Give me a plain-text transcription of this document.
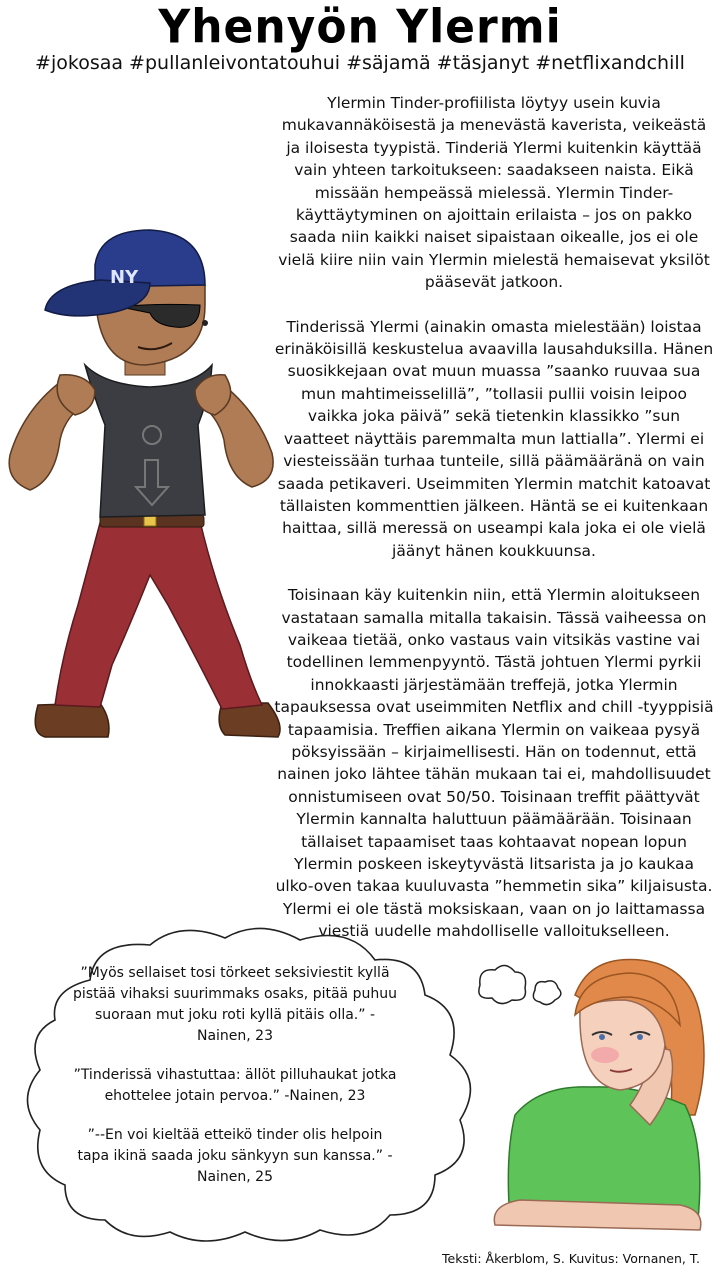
Yhenyön Ylermi
#jokosaa #pullanleivontatouhui #säjamä #täsjanyt #netflixandchill
NY

Ylermin Tinder-profiilista löytyy usein kuvia mukavannäköisestä ja menevästä kaverista, veikeästä ja iloisesta tyypistä. Tinderiä Ylermi kuitenkin käyttää vain yhteen tarkoitukseen: saadakseen naista. Eikä missään hempeässä mielessä. Ylermin Tinder-käyttäytyminen on ajoittain erilaista – jos on pakko saada niin kaikki naiset sipaistaan oikealle, jos ei ole vielä kiire niin vain Ylermin mielestä hemaisevat yksilöt pääsevät jatkoon.

Tinderissä Ylermi (ainakin omasta mielestään) loistaa erinäköisillä keskustelua avaavilla lausahduksilla. Hänen suosikkejaan ovat muun muassa ”saanko ruuvaa sua mun mahtimeisselillä”, ”tollasii pullii voisin leipoo vaikka joka päivä” sekä tietenkin klassikko ”sun vaatteet näyttäis paremmalta mun lattialla”. Ylermi ei viesteissään turhaa tunteile, sillä päämääränä on vain saada petikaveri. Useimmiten Ylermin matchit katoavat tällaisten kommenttien jälkeen. Häntä se ei kuitenkaan haittaa, sillä meressä on useampi kala joka ei ole vielä jäänyt hänen koukkuunsa.

Toisinaan käy kuitenkin niin, että Ylermin aloitukseen vastataan samalla mitalla takaisin. Tässä vaiheessa on vaikeaa tietää, onko vastaus vain vitsikäs vastine vai todellinen lemmenpyyntö. Tästä johtuen Ylermi pyrkii innokkaasti järjestämään treffejä, jotka Ylermin tapauksessa ovat useimmiten Netflix and chill -tyyppisiä tapaamisia. Treffien aikana Ylermin on vaikeaa pysyä pöksyissään – kirjaimellisesti. Hän on todennut, että nainen joko lähtee tähän mukaan tai ei, mahdollisuudet onnistumiseen ovat 50/50. Toisinaan treffit päättyvät Ylermin kannalta haluttuun päämäärään. Toisinaan tällaiset tapaamiset taas kohtaavat nopean lopun Ylermin poskeen iskeytyvästä litsarista ja jo kaukaa ulko-oven takaa kuuluvasta ”hemmetin sika” kiljaisusta. Ylermi ei ole tästä moksiskaan, vaan on jo laittamassa viestiä uudelle mahdolliselle valloitukselleen.

”Myös sellaiset tosi törkeet seksiviestit kyllä pistää vihaksi suurimmaks osaks, pitää puhuu suoraan mut joku roti kyllä pitäis olla.” -Nainen, 23

”Tinderissä vihastuttaa: ällöt pilluhaukat jotka ehottelee jotain pervoa.” -Nainen, 23

”--En voi kieltää etteikö tinder olis helpoin tapa ikinä saada joku sänkyyn sun kanssa.” -Nainen, 25

Teksti: Åkerblom, S. Kuvitus: Vornanen, T.
